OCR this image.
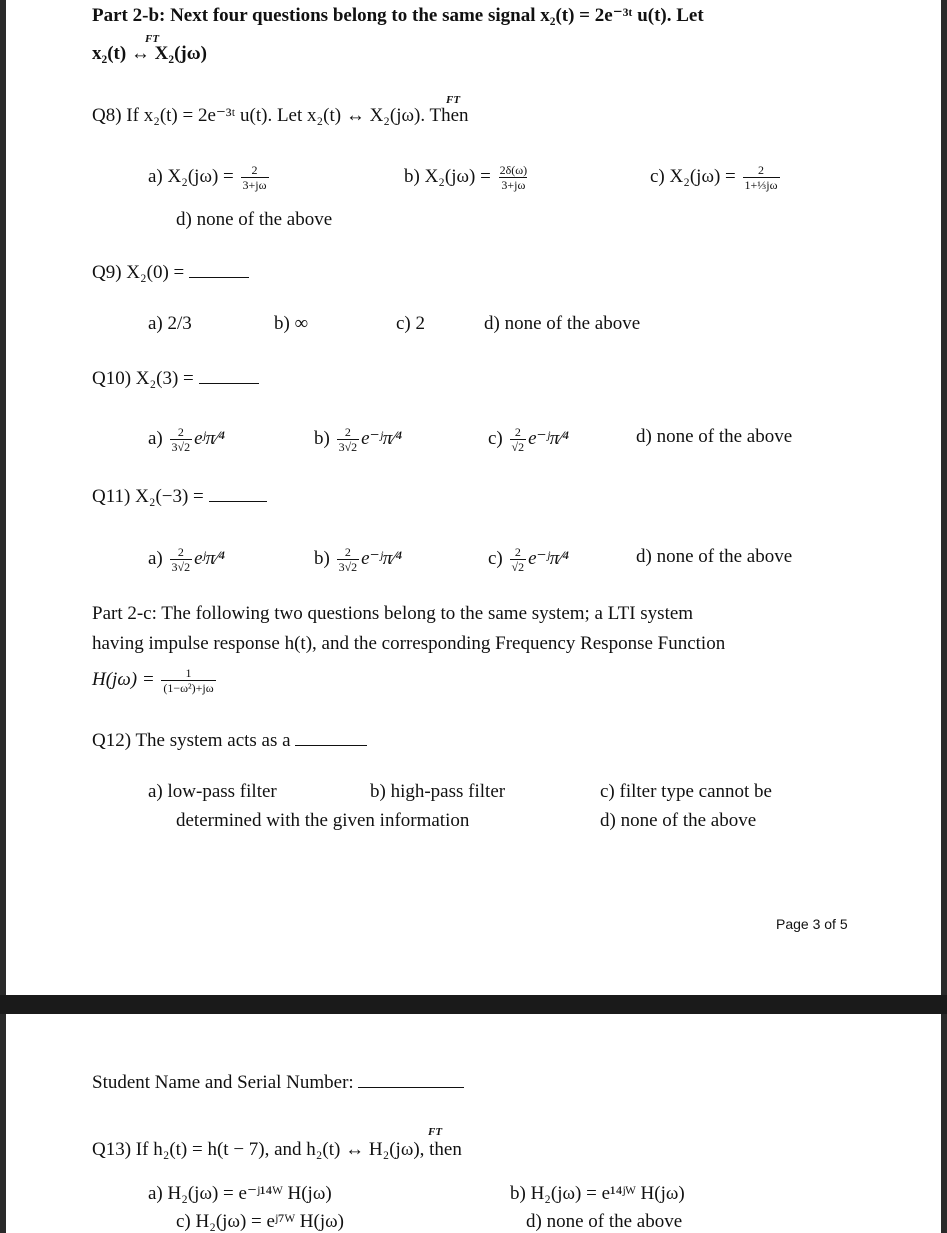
Part 2-b: Next four questions belong to the same signal x₂(t) = 2e⁻³ᵗ u(t). Let
FT
x₂(t) ↔ X₂(jω)
FT
Q8) If x₂(t) = 2e⁻³ᵗ u(t). Let x₂(t) ↔ X₂(jω). Then
a) $X_2(j\omega) = \frac{2}{3+j\omega}$	b) $X_2(j\omega) = \frac{2\delta(\omega)}{3+j\omega}$	c) $X_2(j\omega) = \frac{2}{\text{1+⅓jω}}$
d) none of the above
Q9) X₂(0) =
a) 2/3	b) ∞	c) 2	d) none of the above
Q10) X₂(3) =
$a) \frac{2}{3√2}$ eʲπ⁄⁴	$b) \frac{2}{3√2}$ e⁻ʲπ⁄⁴	$c) \frac{2}{√2}$ e⁻ʲπ⁄⁴	d) none of the above
Q11) X₂(−3) =
$a) \frac{2}{3√2}$ eʲπ⁄⁴	$b) \frac{2}{3√2}$ e⁻ʲπ⁄⁴	$c) \frac{2}{√2}$ e⁻ʲπ⁄⁴	d) none of the above
Part 2-c: The following two questions belong to the same system; a LTI system
having impulse response h(t), and the corresponding Frequency Response Function
$H(j\omega) = \frac{1}{\text{(1−ω²)+jω}}$
Q12) The system acts as a
a) low-pass filter	b) high-pass filter	c) filter type cannot be
determined with the given information	d) none of the above
Page 3 of 5
Student Name and Serial Number:
FT
Q13) If h₂(t) = h(t − 7), and h₂(t) ↔ H₂(jω), then
a) H₂(jω) = e⁻ʲ¹⁴ᵂ H(jω)	b) H₂(jω) = e¹⁴ʲᵂ H(jω)
c) H₂(jω) = eʲ⁷ᵂ H(jω)	d) none of the above
